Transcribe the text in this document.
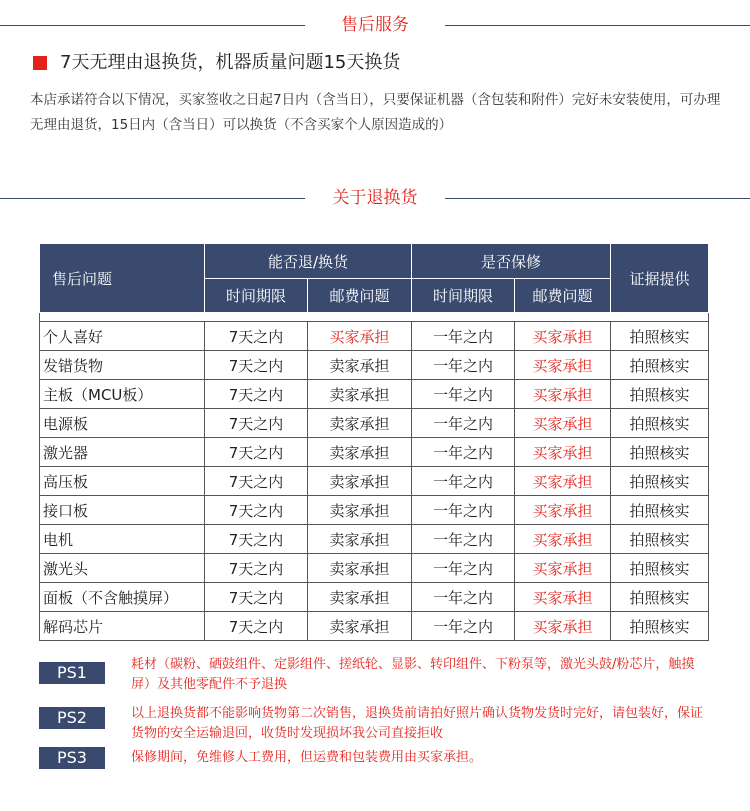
售后服务
7天无理由退换货，机器质量问题15天换货
本店承诺符合以下情况，买家签收之日起7日内（含当日），只要保证机器（含包装和附件）完好未安装使用，可办理无理由退货，15日内（含当日）可以换货（不含买家个人原因造成的）
关于退换货
售后问题	能否退/换货		是否保修		证据提供
	时间期限	邮费问题	时间期限	邮费问题	

个人喜好	7天之内	买家承担	一年之内	买家承担	拍照核实
发错货物	7天之内	卖家承担	一年之内	买家承担	拍照核实
主板（MCU板）	7天之内	卖家承担	一年之内	买家承担	拍照核实
电源板	7天之内	卖家承担	一年之内	买家承担	拍照核实
激光器	7天之内	卖家承担	一年之内	买家承担	拍照核实
高压板	7天之内	卖家承担	一年之内	买家承担	拍照核实
接口板	7天之内	卖家承担	一年之内	买家承担	拍照核实
电机	7天之内	卖家承担	一年之内	买家承担	拍照核实
激光头	7天之内	卖家承担	一年之内	买家承担	拍照核实
面板（不含触摸屏）	7天之内	卖家承担	一年之内	买家承担	拍照核实
解码芯片	7天之内	卖家承担	一年之内	买家承担	拍照核实
PS1	耗材（碳粉、硒鼓组件、定影组件、搓纸轮、显影、转印组件、下粉泵等，激光头鼓/粉芯片，触摸屏）及其他零配件不予退换
PS2	以上退换货都不能影响货物第二次销售，退换货前请拍好照片确认货物发货时完好，请包装好，保证货物的安全运输退回，收货时发现损坏我公司直接拒收
PS3	保修期间，免维修人工费用，但运费和包装费用由买家承担。
